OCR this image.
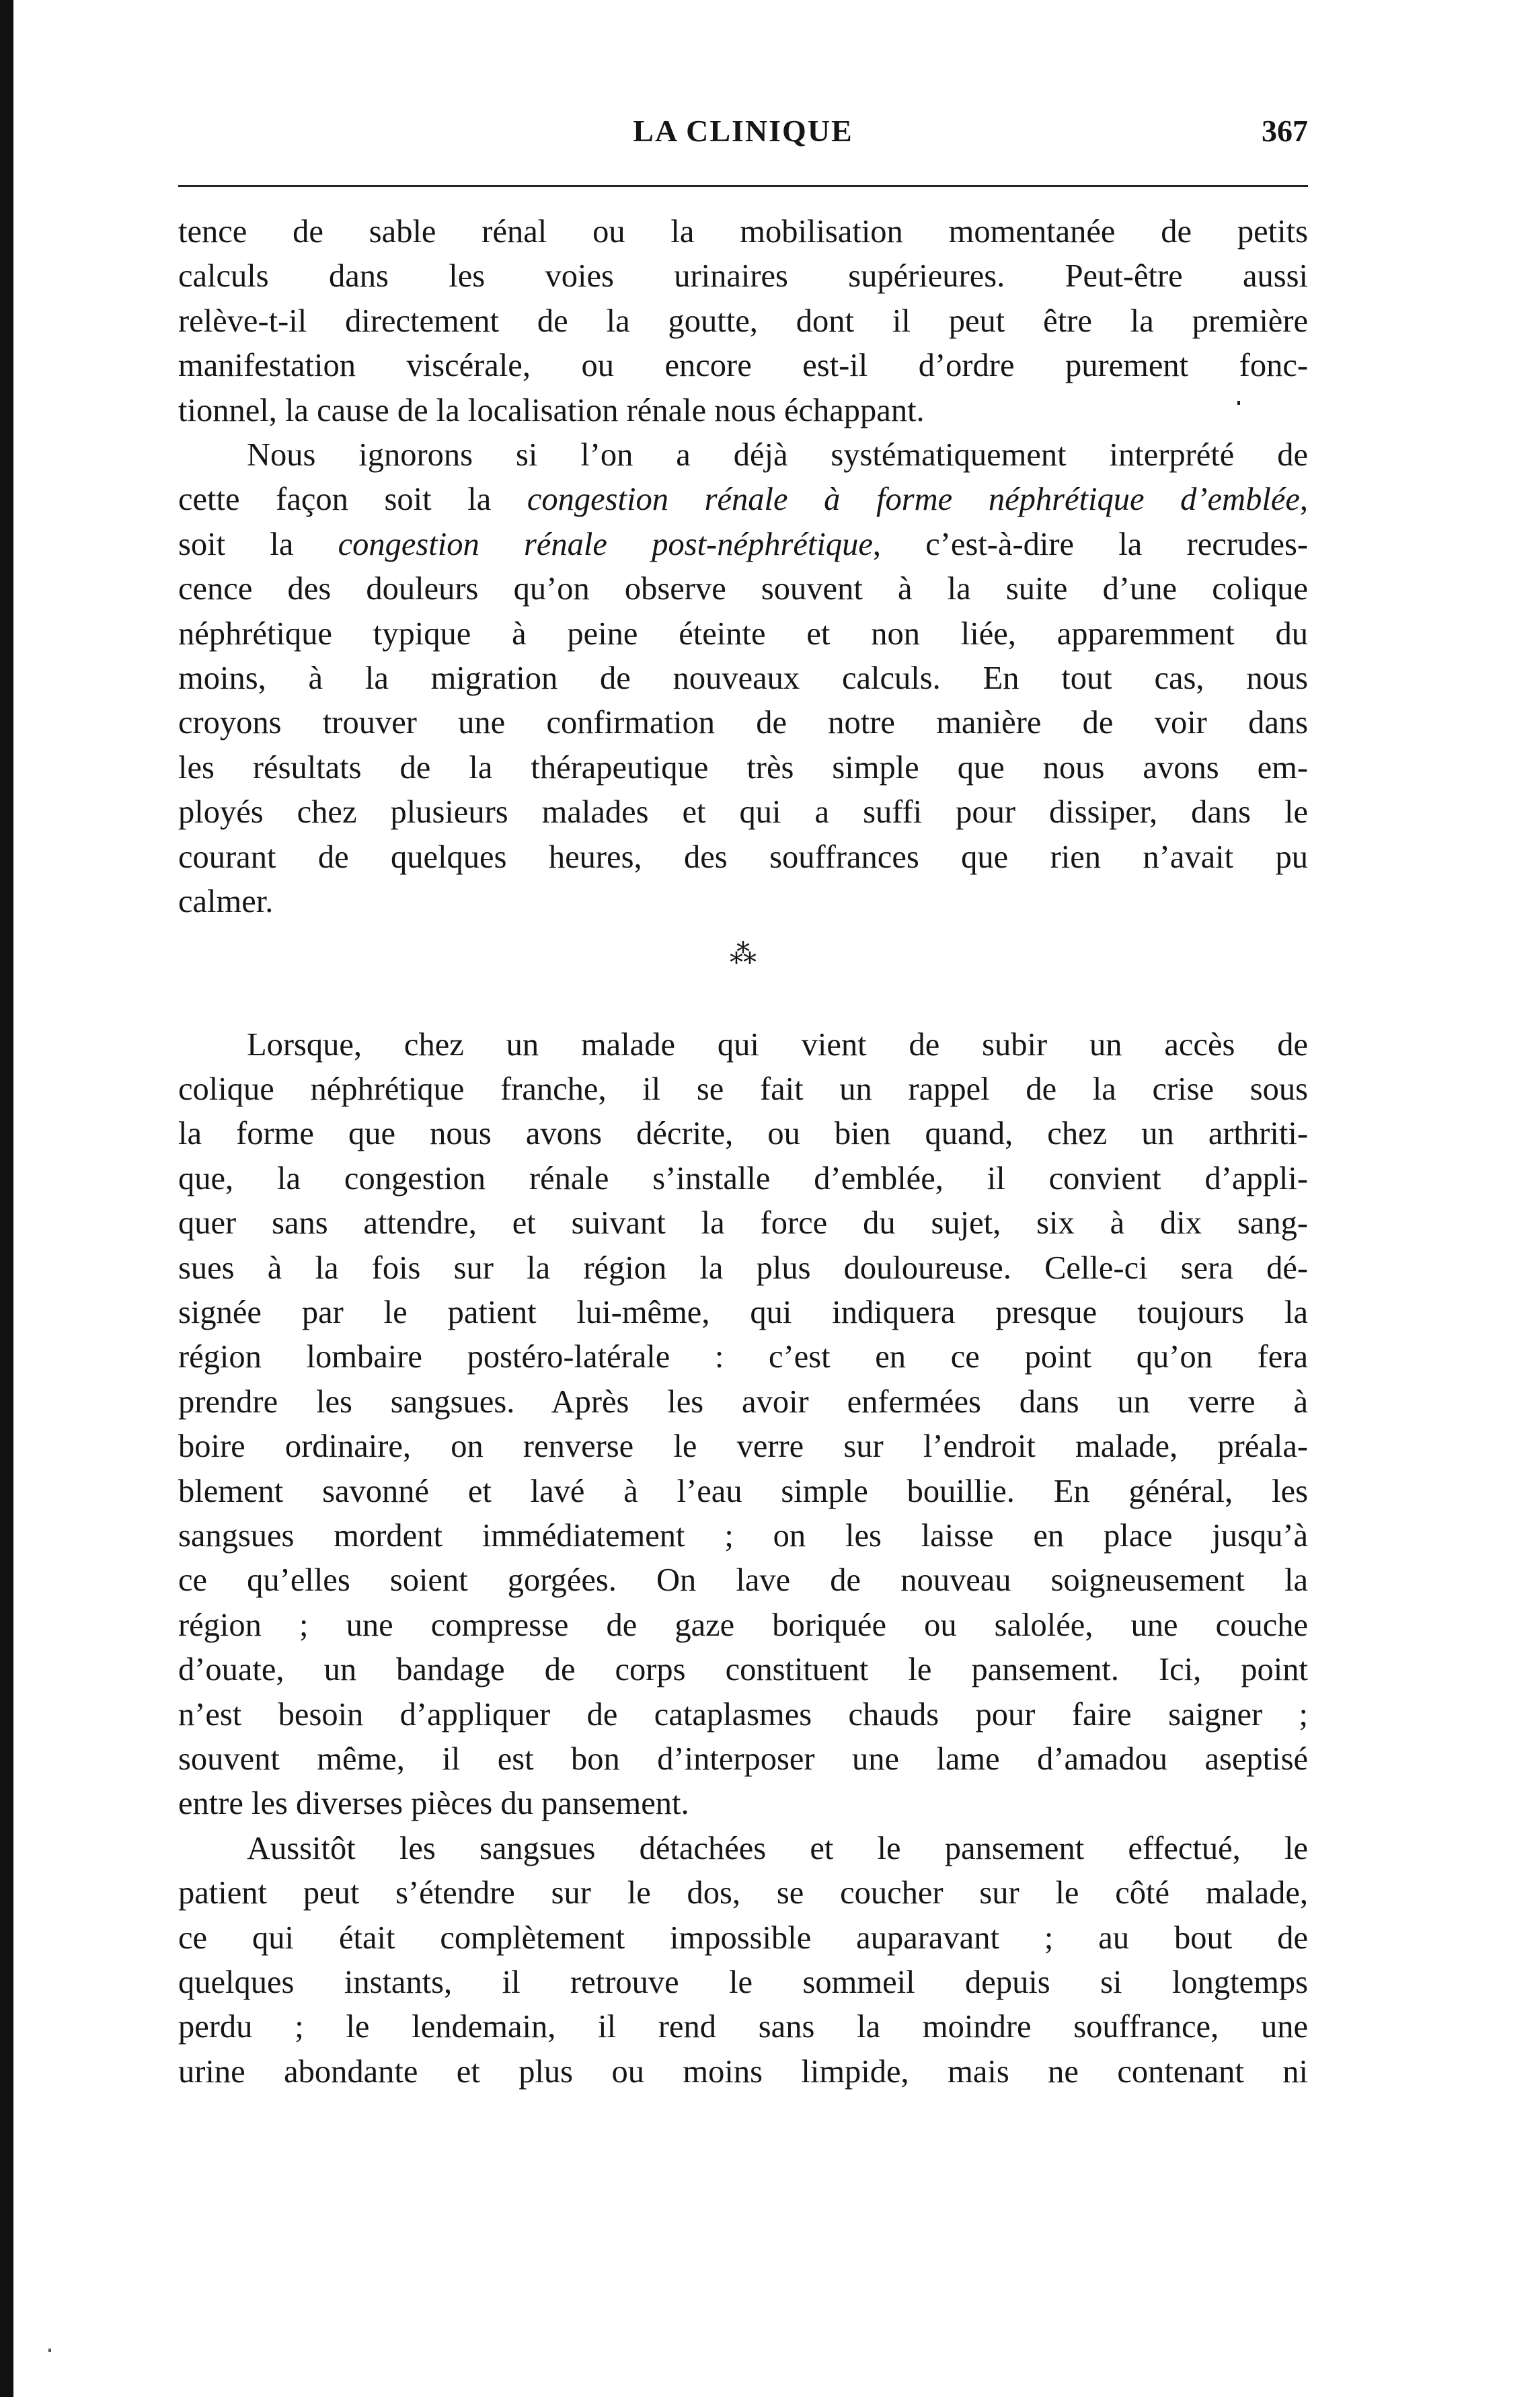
LA CLINIQUE	367
tence de sable rénal ou la mobilisation momentanée de petits
calculs dans les voies urinaires supérieures. Peut-être aussi
relève-t-il directement de la goutte, dont il peut être la première
manifestation viscérale, ou encore est-il d’ordre purement fonc-
tionnel, la cause de la localisation rénale nous échappant.
Nous ignorons si l’on a déjà systématiquement interprété de
cette façon soit la congestion rénale à forme néphrétique d’emblée,
soit la congestion rénale post-néphrétique, c’est-à-dire la recrudes-
cence des douleurs qu’on observe souvent à la suite d’une colique
néphrétique typique à peine éteinte et non liée, apparemment du
moins, à la migration de nouveaux calculs. En tout cas, nous
croyons trouver une confirmation de notre manière de voir dans
les résultats de la thérapeutique très simple que nous avons em-
ployés chez plusieurs malades et qui a suffi pour dissiper, dans le
courant de quelques heures, des souffrances que rien n’avait pu
calmer.
⁂
Lorsque, chez un malade qui vient de subir un accès de
colique néphrétique franche, il se fait un rappel de la crise sous
la forme que nous avons décrite, ou bien quand, chez un arthriti-
que, la congestion rénale s’installe d’emblée, il convient d’appli-
quer sans attendre, et suivant la force du sujet, six à dix sang-
sues à la fois sur la région la plus douloureuse. Celle-ci sera dé-
signée par le patient lui-même, qui indiquera presque toujours la
région lombaire postéro-latérale : c’est en ce point qu’on fera
prendre les sangsues. Après les avoir enfermées dans un verre à
boire ordinaire, on renverse le verre sur l’endroit malade, préala-
blement savonné et lavé à l’eau simple bouillie. En général, les
sangsues mordent immédiatement ; on les laisse en place jusqu’à
ce qu’elles soient gorgées. On lave de nouveau soigneusement la
région ; une compresse de gaze boriquée ou salolée, une couche
d’ouate, un bandage de corps constituent le pansement. Ici, point
n’est besoin d’appliquer de cataplasmes chauds pour faire saigner ;
souvent même, il est bon d’interposer une lame d’amadou aseptisé
entre les diverses pièces du pansement.
Aussitôt les sangsues détachées et le pansement effectué, le
patient peut s’étendre sur le dos, se coucher sur le côté malade,
ce qui était complètement impossible auparavant ; au bout de
quelques instants, il retrouve le sommeil depuis si longtemps
perdu ; le lendemain, il rend sans la moindre souffrance, une
urine abondante et plus ou moins limpide, mais ne contenant ni
